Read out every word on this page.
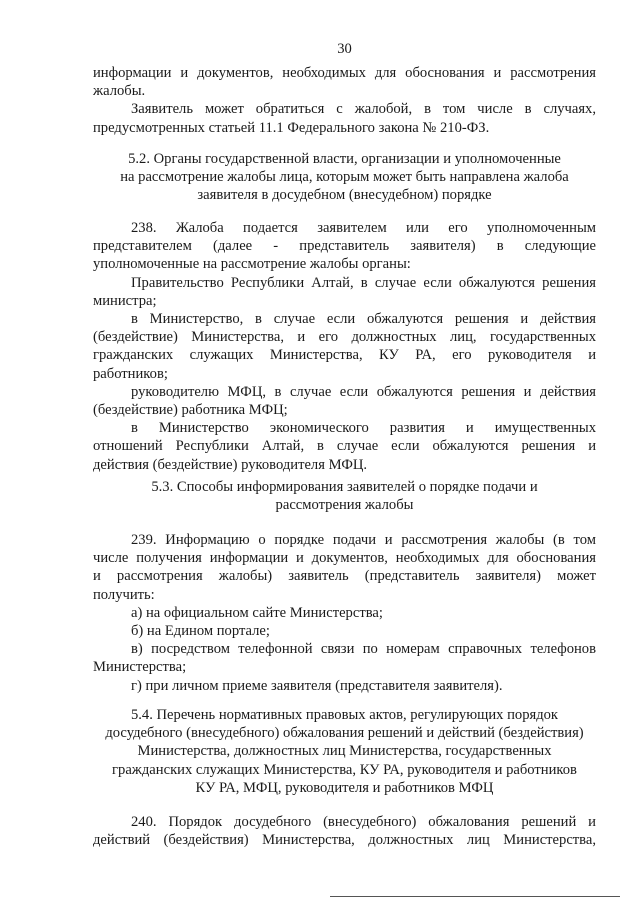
30

информации и документов, необходимых для обоснования и рассмотрения

жалобы.

Заявитель может обратиться с жалобой, в том числе в случаях,

предусмотренных статьей 11.1 Федерального закона № 210-ФЗ.

5.2. Органы государственной власти, организации и уполномоченные

на рассмотрение жалобы лица, которым может быть направлена жалоба

заявителя в досудебном (внесудебном) порядке

238. Жалоба подается заявителем или его уполномоченным

представителем (далее - представитель заявителя) в следующие

уполномоченные на рассмотрение жалобы органы:

Правительство Республики Алтай, в случае если обжалуются решения

министра;

в Министерство, в случае если обжалуются решения и действия

(бездействие) Министерства, и его должностных лиц, государственных

гражданских служащих Министерства, КУ РА, его руководителя и

работников;

руководителю МФЦ, в случае если обжалуются решения и действия

(бездействие) работника МФЦ;

в Министерство экономического развития и имущественных

отношений Республики Алтай, в случае если обжалуются решения и

действия (бездействие) руководителя МФЦ.

5.3. Способы информирования заявителей о порядке подачи и

рассмотрения жалобы

239. Информацию о порядке подачи и рассмотрения жалобы (в том

числе получения информации и документов, необходимых для обоснования

и рассмотрения жалобы) заявитель (представитель заявителя) может

получить:

а) на официальном сайте Министерства;

б) на Едином портале;

в) посредством телефонной связи по номерам справочных телефонов

Министерства;

г) при личном приеме заявителя (представителя заявителя).

5.4. Перечень нормативных правовых актов, регулирующих порядок

досудебного (внесудебного) обжалования решений и действий (бездействия)

Министерства, должностных лиц Министерства, государственных

гражданских служащих Министерства, КУ РА, руководителя и работников

КУ РА, МФЦ, руководителя и работников МФЦ

240. Порядок досудебного (внесудебного) обжалования решений и

действий (бездействия) Министерства, должностных лиц Министерства,
